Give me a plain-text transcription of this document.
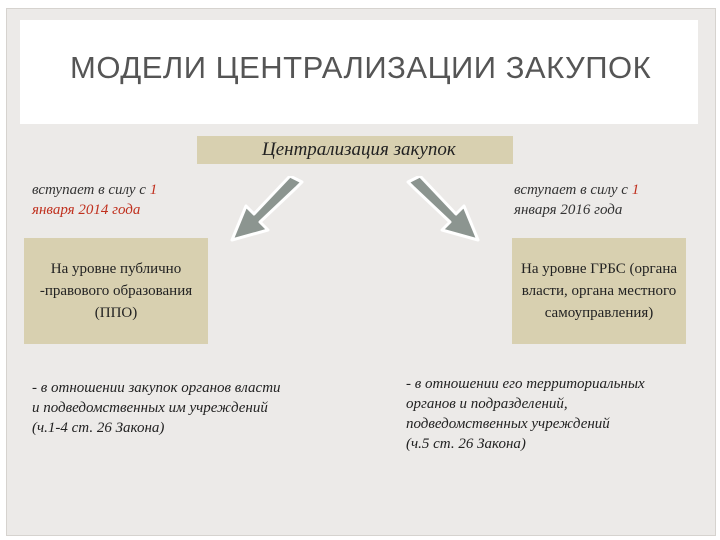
МОДЕЛИ ЦЕНТРАЛИЗАЦИИ ЗАКУПОК
Централизация закупок
вступает в силу с 1
января 2014 года
вступает в силу с 1
января 2016 года
На уровне публично -правового образования (ППО)
На уровне ГРБС (органа власти, органа местного самоуправления)
- в отношении закупок органов власти
и подведомственных им учреждений
(ч.1-4 ст. 26 Закона)
- в отношении его территориальных
органов и подразделений,
подведомственных учреждений
(ч.5 ст. 26 Закона)
